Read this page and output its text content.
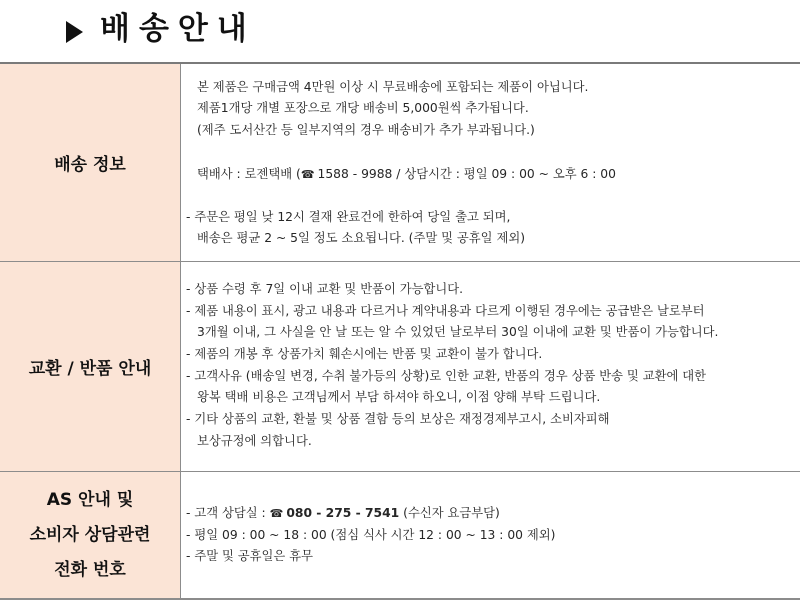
배송안내
배송 정보
본 제품은 구매금액 4만원 이상 시 무료배송에 포함되는 제품이 아닙니다.
제품1개당 개별 포장으로 개당 배송비 5,000원씩 추가됩니다.
(제주 도서산간 등 일부지역의 경우 배송비가 추가 부과됩니다.)
택배사 : 로젠택배 (☎ 1588 - 9988 / 상담시간 : 평일 09 : 00 ~ 오후 6 : 00
- 주문은 평일 낮 12시 결재 완료건에 한하여 당일 출고 되며,
배송은 평균 2 ~ 5일 정도 소요됩니다. (주말 및 공휴일 제외)
교환 / 반품 안내
- 상품 수령 후 7일 이내 교환 및 반품이 가능합니다.
- 제품 내용이 표시, 광고 내용과 다르거나 계약내용과 다르게 이행된 경우에는 공급받은 날로부터
3개월 이내, 그 사실을 안 날 또는 알 수 있었던 날로부터 30일 이내에 교환 및 반품이 가능합니다.
- 제품의 개봉 후 상품가치 훼손시에는 반품 및 교환이 불가 합니다.
- 고객사유 (배송일 변경, 수취 불가등의 상황)로 인한 교환, 반품의 경우 상품 반송 및 교환에 대한
왕복 택배 비용은 고객님께서 부담 하셔야 하오니, 이점 양해 부탁 드립니다.
- 기타 상품의 교환, 환불 및 상품 결함 등의 보상은 재정경제부고시, 소비자피해
보상규정에 의합니다.
AS 안내 및
소비자 상담관련
전화 번호
- 고객 상담실 : ☎ 080 - 275 - 7541 (수신자 요금부담)
- 평일 09 : 00 ~ 18 : 00 (점심 식사 시간 12 : 00 ~ 13 : 00 제외)
- 주말 및 공휴일은 휴무
